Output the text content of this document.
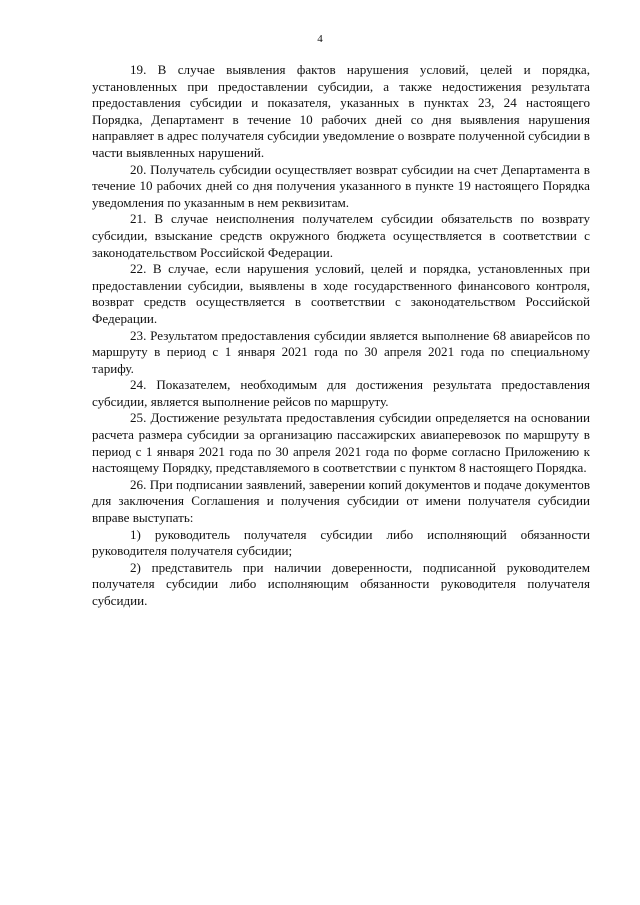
4

19. В случае выявления фактов нарушения условий, целей и порядка, установленных при предоставлении субсидии, а также недостижения результата предоставления субсидии и показателя, указанных в пунктах 23, 24 настоящего Порядка, Департамент в течение 10 рабочих дней со дня выявления нарушения направляет в адрес получателя субсидии уведомление о возврате полученной субсидии в части выявленных нарушений.

20. Получатель субсидии осуществляет возврат субсидии на счет Департамента в течение 10 рабочих дней со дня получения указанного в пункте 19 настоящего Порядка уведомления по указанным в нем реквизитам.

21. В случае неисполнения получателем субсидии обязательств по возврату субсидии, взыскание средств окружного бюджета осуществляется в соответствии с законодательством Российской Федерации.

22. В случае, если нарушения условий, целей и порядка, установленных при предоставлении субсидии, выявлены в ходе государственного финансового контроля, возврат средств осуществляется в соответствии с законодательством Российской Федерации.

23. Результатом предоставления субсидии является выполнение 68 авиарейсов по маршруту в период с 1 января 2021 года по 30 апреля 2021 года по специальному тарифу.

24. Показателем, необходимым для достижения результата предоставления субсидии, является выполнение рейсов по маршруту.

25. Достижение результата предоставления субсидии определяется на основании расчета размера субсидии за организацию пассажирских авиаперевозок по маршруту в период с 1 января 2021 года по 30 апреля 2021 года по форме согласно Приложению к настоящему Порядку, представляемого в соответствии с пунктом 8 настоящего Порядка.

26. При подписании заявлений, заверении копий документов и подаче документов для заключения Соглашения и получения субсидии от имени получателя субсидии вправе выступать:

1) руководитель получателя субсидии либо исполняющий обязанности руководителя получателя субсидии;

2) представитель при наличии доверенности, подписанной руководителем получателя субсидии либо исполняющим обязанности руководителя получателя субсидии.
